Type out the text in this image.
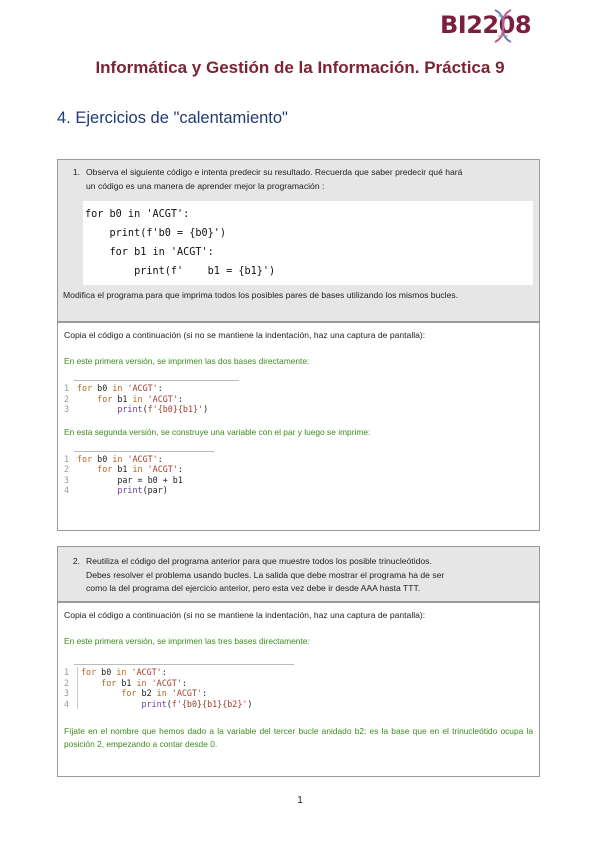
BI2208
Informática y Gestión de la Información. Práctica 9
4. Ejercicios de "calentamiento"
1. Observa el siguiente código e intenta predecir su resultado. Recuerda que saber predecir qué hará
un código es una manera de aprender mejor la programación :
for b0 in 'ACGT':
print(f'b0 = {b0}')
for b1 in 'ACGT':
print(f'    b1 = {b1}')
Modifica el programa para que imprima todos los posibles pares de bases utilizando los mismos bucles.
Copia el código a continuación (si no se mantiene la indentación, haz una captura de pantalla):
En este primera versión, se imprimen las dos bases directamente:
1 for b0 in 'ACGT':
2	for b1 in 'ACGT':
3	print(f'{b0}{b1}')
En esta segunda versión, se construye una variable con el par y luego se imprime:
1 for b0 in 'ACGT':
2	for b1 in 'ACGT':
3 par = b0 + b1
4	print(par)
2. Reutiliza el código del programa anterior para que muestre todos los posible trinucleótidos.
Debes resolver el problema usando bucles. La salida que debe mostrar el programa ha de ser
como la del programa del ejercicio anterior, pero esta vez debe ir desde AAA hasta TTT.
Copia el código a continuación (si no se mantiene la indentación, haz una captura de pantalla):
En este primera versión, se imprimen las tres bases directamente:
1	for b0 in 'ACGT':
2	for b1 in 'ACGT':
3	for b2 in 'ACGT':
4	print(f'{b0}{b1}{b2}')
Fíjate en el nombre que hemos dado a la variable del tercer bucle anidado b2: es la base que en el trinucleótido ocupa la posición 2, empezando a contar desde 0.
1
